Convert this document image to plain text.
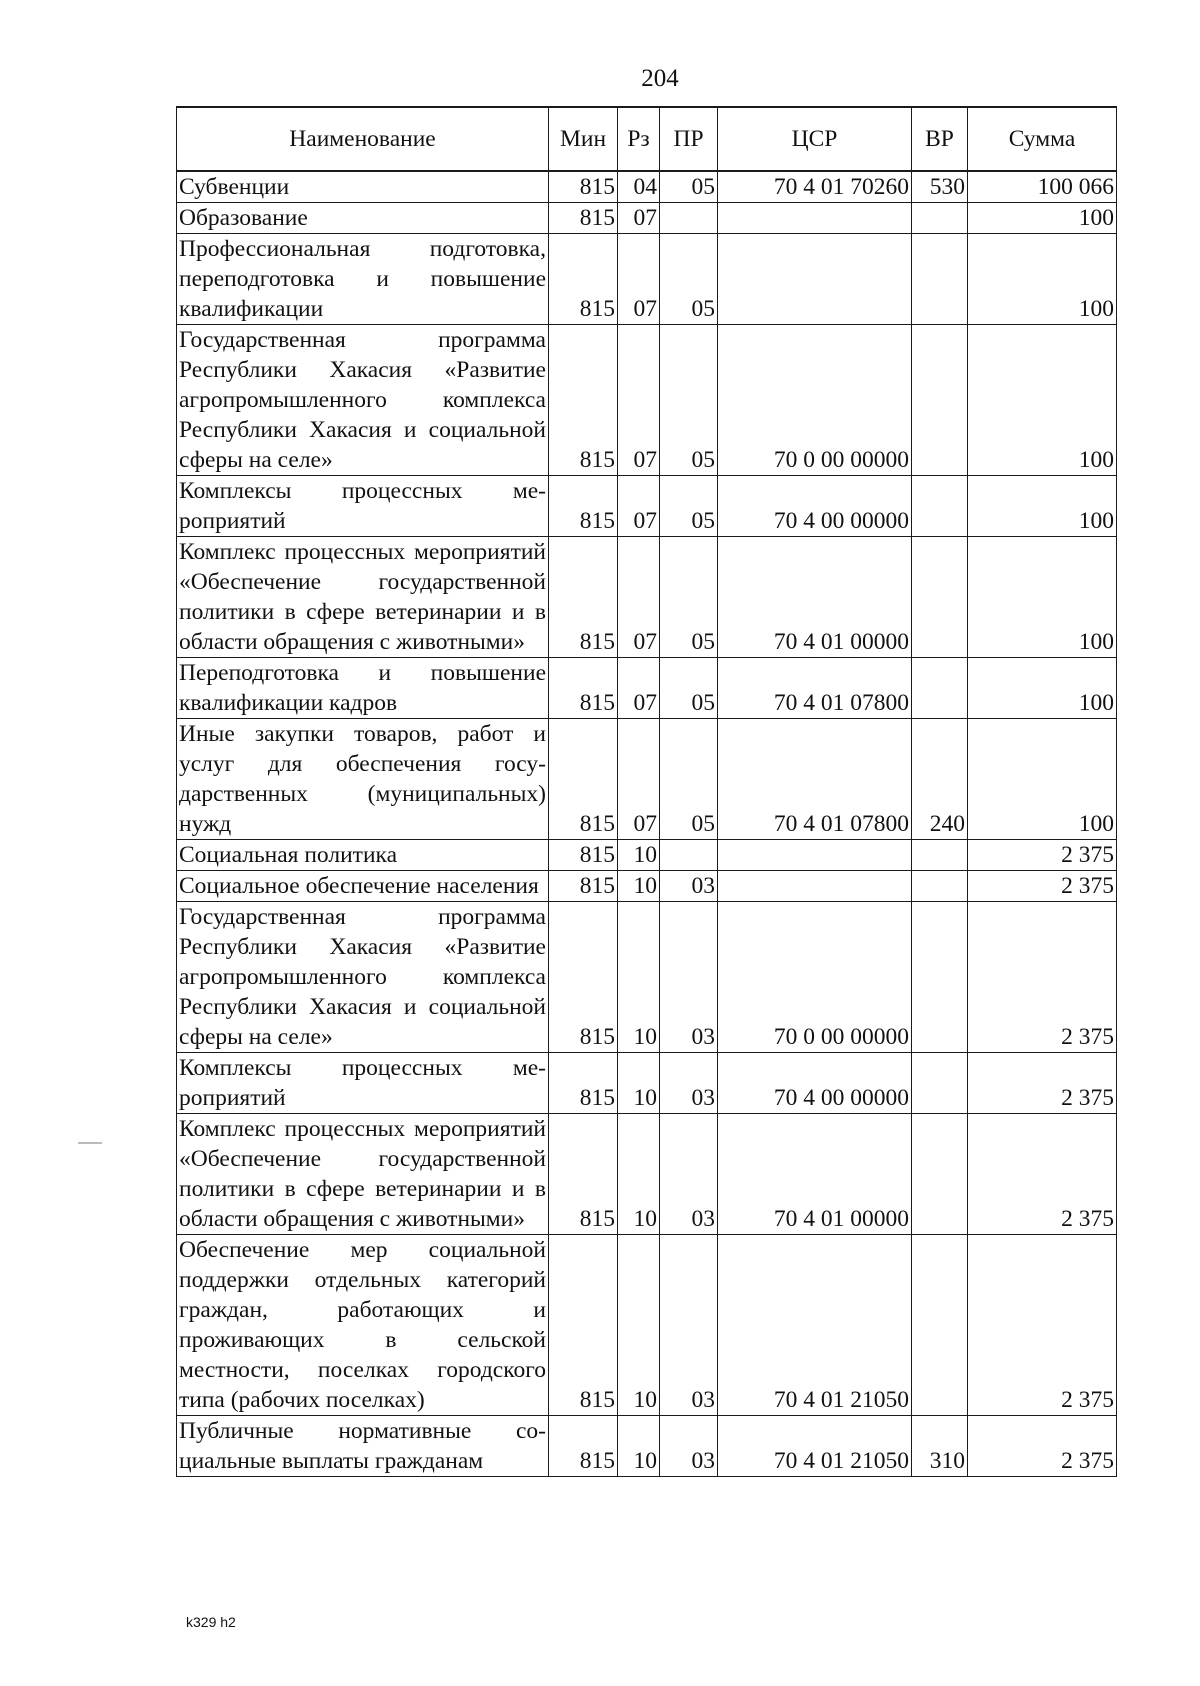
204
Наименование	Мин	Рз	ПР	ЦСР	ВР	Сумма
Субвенции	815	04	05	70 4 01 70260	530	100 066
Образование	815	07				100
Профессиональная подготовка, переподготовка и повышение квалификации	815	07	05			100
Государственная программа Республики Хакасия «Развитие агропромышленного комплекса Республики Хакасия и социальной сферы на селе»	815	07	05	70 0 00 00000		100
Комплексы процессных мероприятий	815	07	05	70 4 00 00000		100
Комплекс процессных мероприятий «Обеспечение государственной политики в сфере ветеринарии и в области обращения с животными»	815	07	05	70 4 01 00000		100
Переподготовка и повышение квалификации кадров	815	07	05	70 4 01 07800		100
Иные закупки товаров, работ и услуг для обеспечения государственных (муниципальных) нужд	815	07	05	70 4 01 07800	240	100
Социальная политика	815	10				2 375
Социальное обеспечение населения	815	10	03			2 375
Государственная программа Республики Хакасия «Развитие агропромышленного комплекса Республики Хакасия и социальной сферы на селе»	815	10	03	70 0 00 00000		2 375
Комплексы процессных мероприятий	815	10	03	70 4 00 00000		2 375
Комплекс процессных мероприятий «Обеспечение государственной политики в сфере ветеринарии и в области обращения с животными»	815	10	03	70 4 01 00000		2 375
Обеспечение мер социальной поддержки отдельных категорий граждан, работающих и проживающих в сельской местности, поселках городского типа (рабочих поселках)	815	10	03	70 4 01 21050		2 375
Публичные нормативные социальные выплаты гражданам	815	10	03	70 4 01 21050	310	2 375
k329 h2
